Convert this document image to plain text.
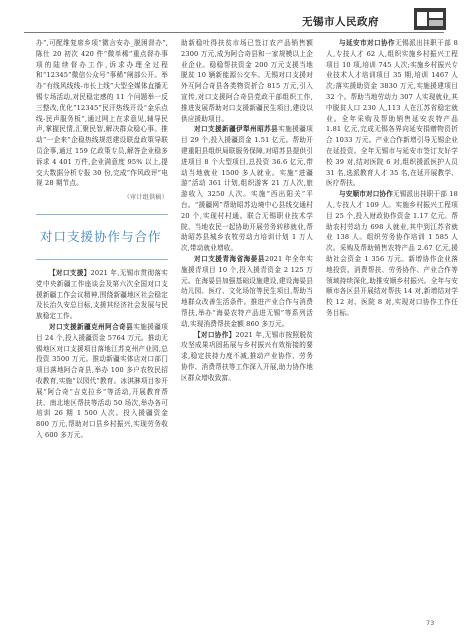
无锡市人民政府

办”,可配维复席乡项“微言安办_脱困督办”,陈仕 20 初次 420 件“微单稀”重点督办事项的陆续督办工作,诉求办理全过程和“12345”微信公众号“事稀”闸部公开。举办“有线风线线-市长上线”大型全媒体直播无锡专场活动,对民稳定感的 11 个问题举一反三整改,优化“12345”民汗热线开设“金乐点线-民声服务板”,通过网上在求意见,辅导民声,掌握民情,汇聚民智,解决群众稳心事。推动“一企来”企稳热线规范建设联盘政策导联员企事,通过 159 亿政策专员,解答企业稳多诉求 4 401 万件,企业满意度 95% 以上,提交大数据分析专报 30 份,完成“作风政评”电视 28 期节点。

（审计组供稿）
对口支援协作与合作

【对口支援】2021 年,无锡市贯彻落实党中央新疆工作座谈会及第六次全国对口支援新疆工作会议精神,围绕新疆地区社会稳定及长治久安总目标,支援其经济社会发展与民族稳定工作。

对口支援新疆克州阿合奇县实施援疆项目 24 个,投入援疆资金 5764 万元。推动无锡地区对口支援项目落地江苏克州产业园,总投资 3500 万元。推动新疆实体店对口部门项目落地阿合奇县,举办 100 多户农牧民招收教育,实施“以园代”教育。冰淇淋项目参开展“阿合奇“吉克拉乡”等活动,开展教育帮扶、南北地区帮扶等活动 50 场次,举办各可培训 26 期 1 500 人次。投入援疆资金 800 万元,帮助对口县乡村振兴,实现劳务收入 600 多万元。

助新稳吐得扶贫市场已签订农产品销售额 2300 万元,成为阿合奇县和一家规模以上企业企业。稳稳帮扶资金 200 万元支援当地脱贫 10 辆新能源公交车。无锡对口支援对外互阿合奇县各类物资折合 815 万元,引入宣传,对口支援阿合奇县党政干部组织工作,推进发展帮助对口支援新疆民生项目,建设以供应援助项目。

对口支援新疆伊犁州昭苏县实施援疆项目 29 个,投入援疆资金 1.51 亿元。帮助开建重阳县组织局联服务保障,对昭苏县提供引进项目 8 个大型项目,总投资 36.6 亿元,带动当地就业 1500 多人就业。实施“进疆游”活动 361 计划,组织游客 21 万人次,旅游收入 3250 人次。实施“西出阳关”平台。“援疆网”帮助昭苏边境中心县线交通村 20 个,实现村村通。联合无锡职业技术学院、当地农民一起协助开展劳务转移就业,帮助昭苏县城乡农牧劳动力培训计划 1 万人次,带动就业增收。

对口支援青海省海晏县2021 年全年实施援青项目 10 个,投入援青资金 2 125 万元。在海晏县加强基础设施建设,建设海晏县幼儿园、医疗、文化场馆等民生项目,帮助当地群众改善生活条件。推进产业合作与消费帮扶,举办“海晏农特产品进无锡”等系列活动,实现消费帮扶金额 860 多万元。

【对口协作】2021 年,无锡市按照脱贫攻坚成果巩固拓展与乡村振兴有效衔接的要求,稳定扶持力度不减,推动产业协作、劳务协作、消费帮扶等工作深入开展,助力协作地区群众增收致富。

与延安市对口协作无锡派出挂职干部 8 人,专技人才 62 人,组织实施乡村振兴工程项目 10 项,培训 745 人次;实施乡村振兴专业技术人才培训项目 35 期,培训 1467 人次;落实援助资金 3830 万元,实施援建项目 32 个。帮助当地劳动力 307 人实现就业,其中脱贫人口 230 人,113 人在江苏省稳定就业。全年采购及帮助销售延安农特产品 1.81 亿元,完成无锡各界向延安捐赠物资折合 1033 万元。产业合作新增引导无锡企业在延投资。全年无锡市与延安市签订友好学校 39 对,结对医院 6 对,组织援派医护人员 31 名,选派教育人才 35 名,在延开展教学、医疗帮扶。

与安顺市对口协作无锡派出挂职干部 18 人,专技人才 109 人。实施乡村振兴工程项目 25 个,投入财政协作资金 1.17 亿元。帮助农村劳动力 698 人就业,其中到江苏省就业 138 人。组织劳务协作培训 1 585 人次。采购及帮助销售农特产品 2.67 亿元,援助社会资金 1 356 万元。新增协作企业落地投资。消费帮扶、劳务协作、产业合作等领域持续深化,助推安顺乡村振兴。全年与安顺市各区县开展结对帮扶 14 对,新增结对学校 12 对、医院 8 对,实现对口协作工作任务目标。

73
